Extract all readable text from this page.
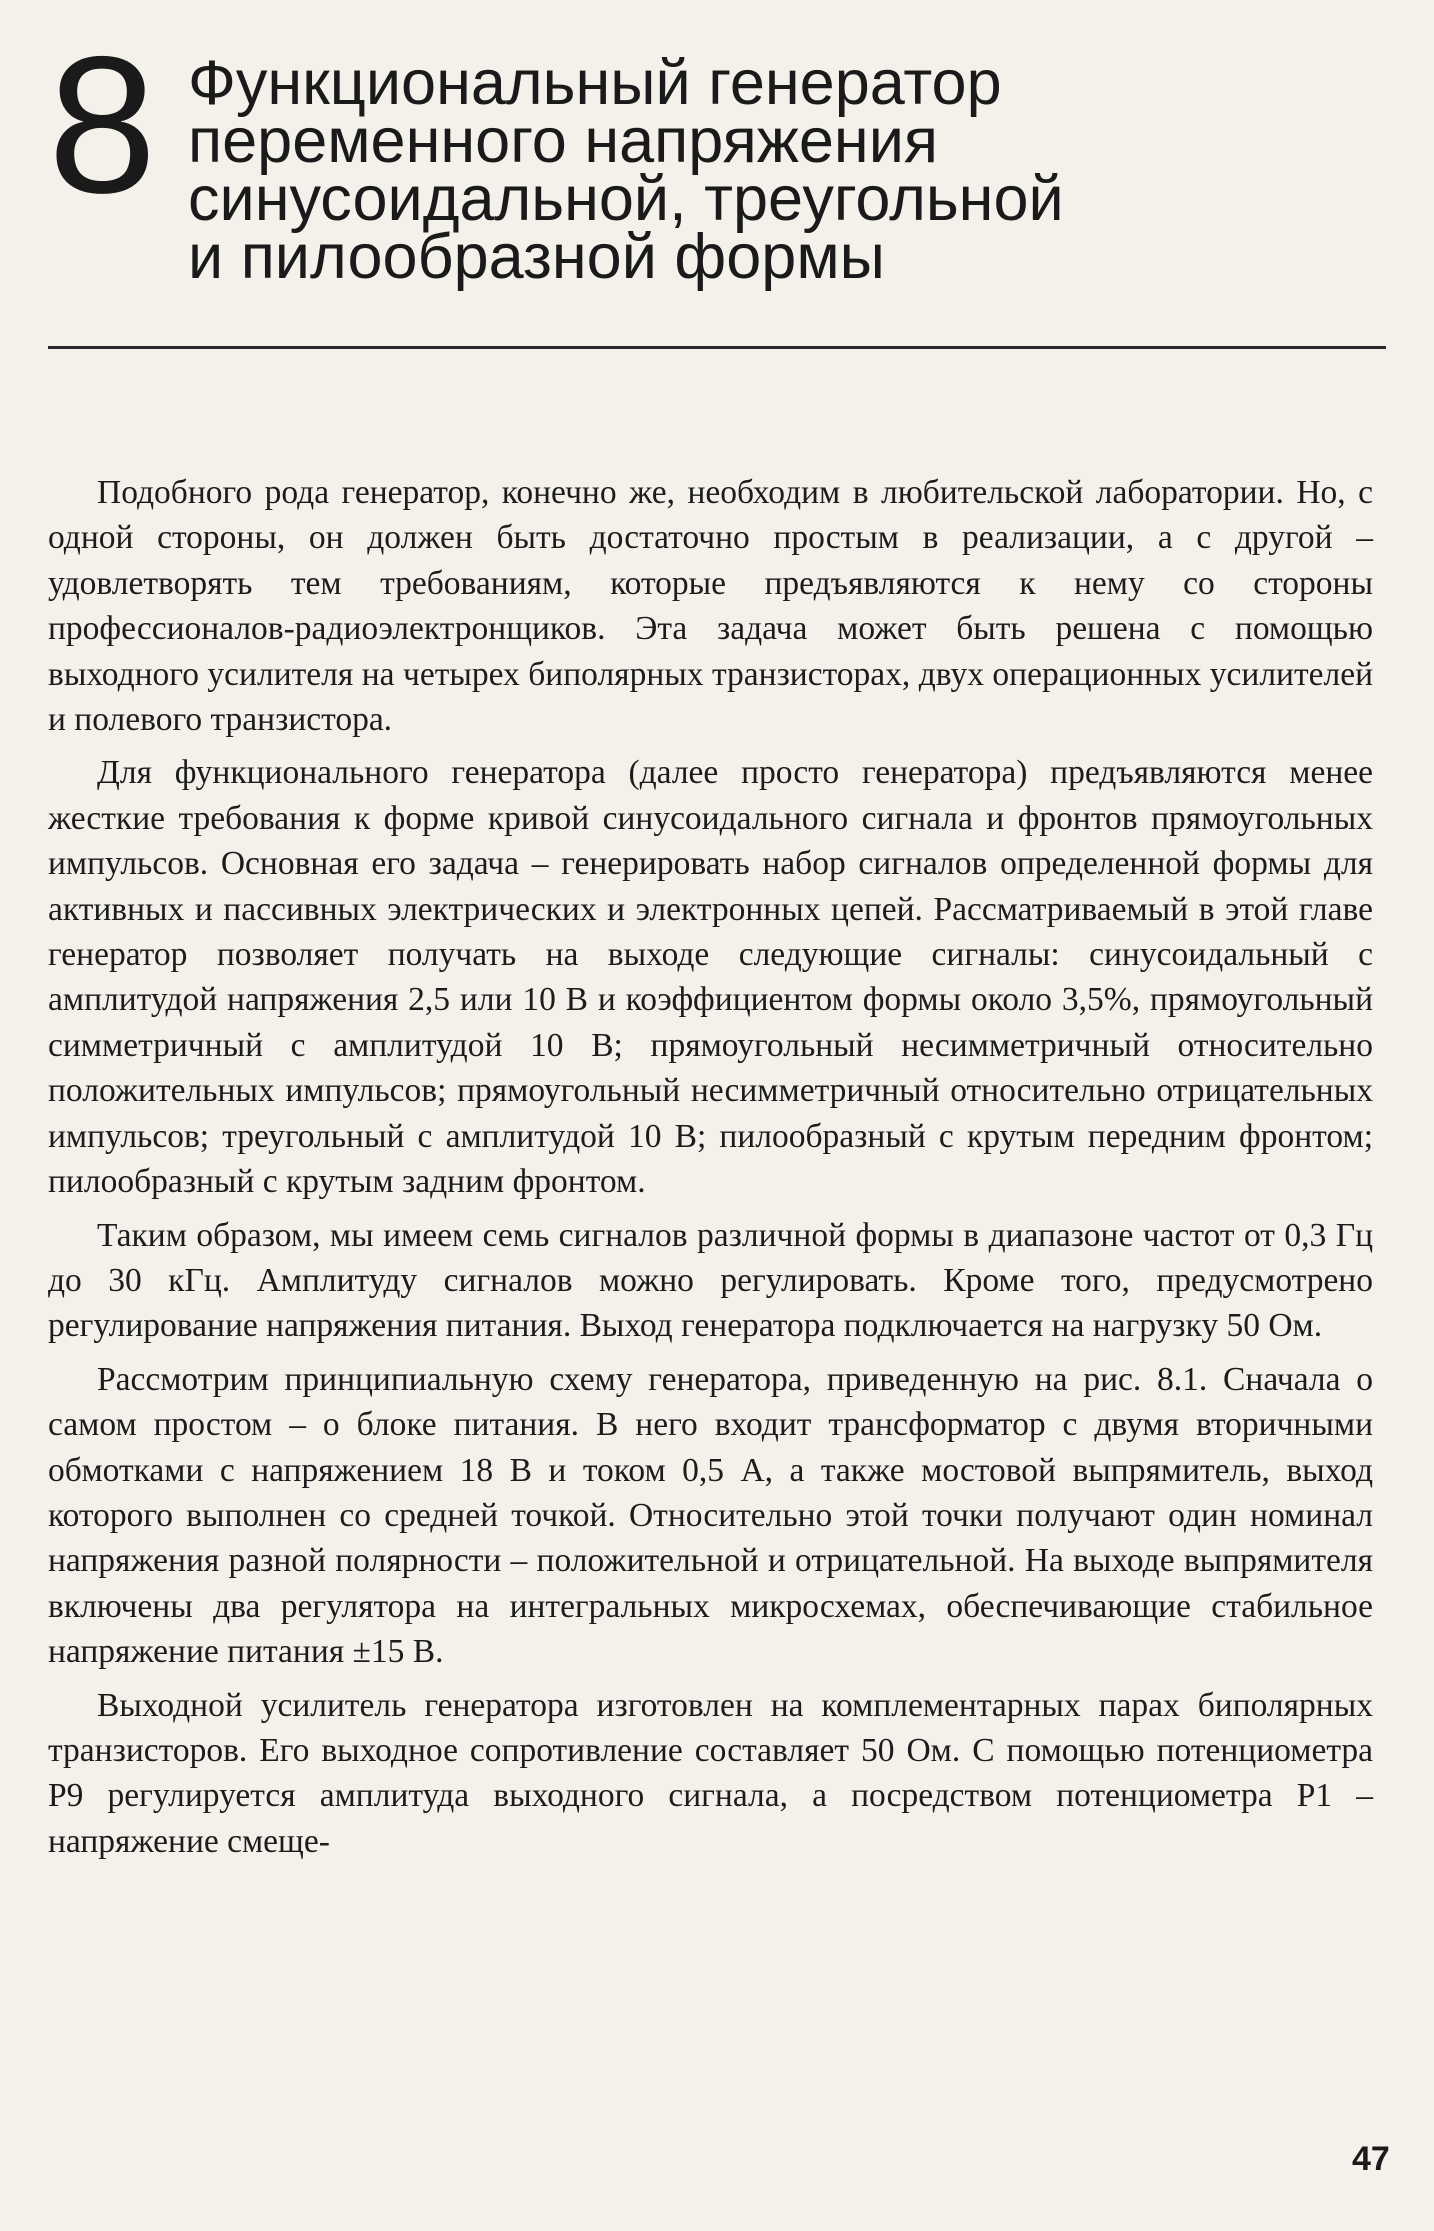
8 Функциональный генератор
переменного напряжения
синусоидальной, треугольной
и пилообразной формы

Подобного рода генератор, конечно же, необходим в любительской лаборатории. Но, с одной стороны, он должен быть достаточно простым в реализации, а с другой – удовлетворять тем требованиям, которые предъявляются к нему со стороны профессионалов-радиоэлектронщиков. Эта задача может быть решена с помощью выходного усилителя на четырех биполярных транзисторах, двух операционных усилителей и полевого транзистора.

Для функционального генератора (далее просто генератора) предъявляются менее жесткие требования к форме кривой синусоидального сигнала и фронтов прямоугольных импульсов. Основная его задача – генерировать набор сигналов определенной формы для активных и пассивных электрических и электронных цепей. Рассматриваемый в этой главе генератор позволяет получать на выходе следующие сигналы: синусоидальный с амплитудой напряжения 2,5 или 10 В и коэффициентом формы около 3,5%, прямоугольный симметричный с амплитудой 10 В; прямоугольный несимметричный относительно положительных импульсов; прямоугольный несимметричный относительно отрицательных импульсов; треугольный с амплитудой 10 В; пилообразный с крутым передним фронтом; пилообразный с крутым задним фронтом.

Таким образом, мы имеем семь сигналов различной формы в диапазоне частот от 0,3 Гц до 30 кГц. Амплитуду сигналов можно регулировать. Кроме того, предусмотрено регулирование напряжения питания. Выход генератора подключается на нагрузку 50 Ом.

Рассмотрим принципиальную схему генератора, приведенную на рис. 8.1. Сначала о самом простом – о блоке питания. В него входит трансформатор с двумя вторичными обмотками с напряжением 18 В и током 0,5 А, а также мостовой выпрямитель, выход которого выполнен со средней точкой. Относительно этой точки получают один номинал напряжения разной полярности – положительной и отрицательной. На выходе выпрямителя включены два регулятора на интегральных микросхемах, обеспечивающие стабильное напряжение питания ±15 В.

Выходной усилитель генератора изготовлен на комплементарных парах биполярных транзисторов. Его выходное сопротивление составляет 50 Ом. С помощью потенциометра P9 регулируется амплитуда выходного сигнала, а посредством потенциометра P1 – напряжение смеще-

47
